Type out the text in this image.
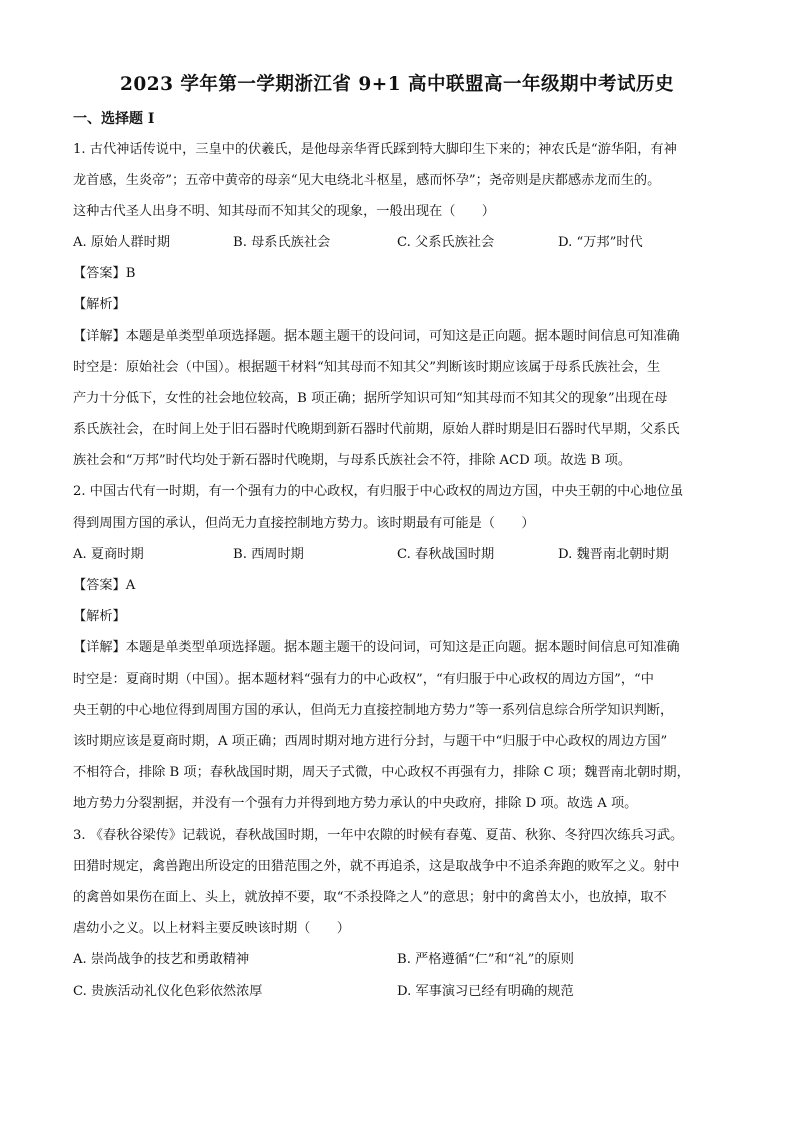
2023 学年第一学期浙江省 9+1 高中联盟高一年级期中考试历史
一、选择题 I
1. 古代神话传说中，三皇中的伏羲氏，是他母亲华胥氏踩到特大脚印生下来的；神农氏是“游华阳，有神
龙首感，生炎帝”；五帝中黄帝的母亲“见大电绕北斗枢星，感而怀孕”；尧帝则是庆都感赤龙而生的。
这种古代圣人出身不明、知其母而不知其父的现象，一般出现在（　　）
A. 原始人群时期	B. 母系氏族社会	C. 父系氏族社会	D. “万邦”时代
【答案】B
【解析】
【详解】本题是单类型单项选择题。据本题主题干的设问词，可知这是正向题。据本题时间信息可知准确
时空是：原始社会（中国）。根据题干材料“知其母而不知其父”判断该时期应该属于母系氏族社会，生
产力十分低下，女性的社会地位较高，B 项正确；据所学知识可知“知其母而不知其父的现象”出现在母
系氏族社会，在时间上处于旧石器时代晚期到新石器时代前期，原始人群时期是旧石器时代早期，父系氏
族社会和“万邦”时代均处于新石器时代晚期，与母系氏族社会不符，排除 ACD 项。故选 B 项。
2. 中国古代有一时期，有一个强有力的中心政权，有归服于中心政权的周边方国，中央王朝的中心地位虽
得到周围方国的承认，但尚无力直接控制地方势力。该时期最有可能是（　　）
A. 夏商时期	B. 西周时期	C. 春秋战国时期	D. 魏晋南北朝时期
【答案】A
【解析】
【详解】本题是单类型单项选择题。据本题主题干的设问词，可知这是正向题。据本题时间信息可知准确
时空是：夏商时期（中国）。据本题材料“强有力的中心政权”，“有归服于中心政权的周边方国”，“中
央王朝的中心地位得到周围方国的承认，但尚无力直接控制地方势力”等一系列信息综合所学知识判断，
该时期应该是夏商时期，A 项正确；西周时期对地方进行分封，与题干中“归服于中心政权的周边方国”
不相符合，排除 B 项；春秋战国时期，周天子式微，中心政权不再强有力，排除 C 项；魏晋南北朝时期，
地方势力分裂割据，并没有一个强有力并得到地方势力承认的中央政府，排除 D 项。故选 A 项。
3. 《春秋谷梁传》记载说，春秋战国时期，一年中农隙的时候有春蒐、夏苗、秋狝、冬狩四次练兵习武。
田猎时规定，禽兽跑出所设定的田猎范围之外，就不再追杀，这是取战争中不追杀奔跑的败军之义。射中
的禽兽如果伤在面上、头上，就放掉不要，取“不杀投降之人”的意思；射中的禽兽太小，也放掉，取不
虐幼小之义。以上材料主要反映该时期（　　）
A. 崇尚战争的技艺和勇敢精神	B. 严格遵循“仁”和“礼”的原则
C. 贵族活动礼仪化色彩依然浓厚	D. 军事演习已经有明确的规范
